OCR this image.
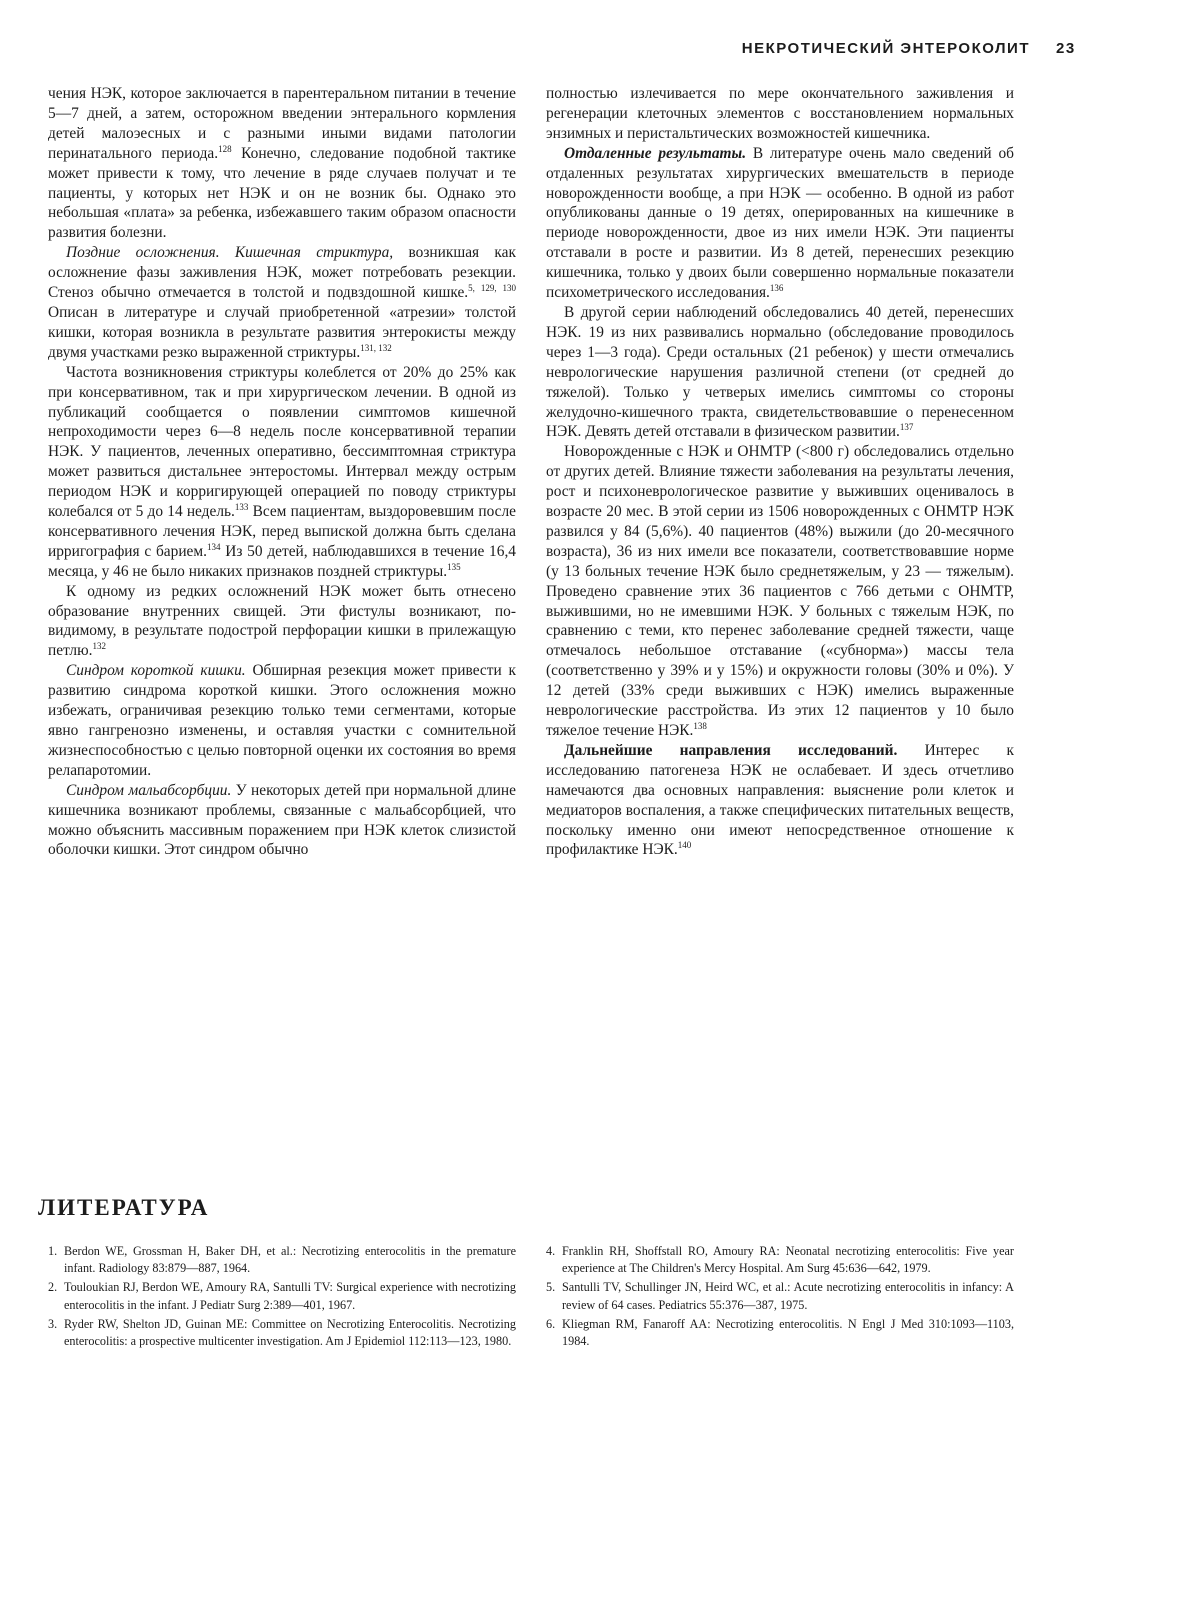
НЕКРОТИЧЕСКИЙ ЭНТЕРОКОЛИТ 23

чения НЭК, которое заключается в парентеральном питании в течение 5—7 дней, а затем, осторожном введении энтерального кормления детей малоэесных и с разными иными видами патологии перинатального периода.$^{128}$ Конечно, следование подобной тактике может привести к тому, что лечение в ряде случаев получат и те пациенты, у которых нет НЭК и он не возник бы. Однако это небольшая «плата» за ребенка, избежавшего таким образом опасности развития болезни.

Поздние осложнения. Кишечная стриктура, возникшая как осложнение фазы заживления НЭК, может потребовать резекции. Стеноз обычно отмечается в толстой и подвздошной кишке.$^{5, 129, 130}$ Описан в литературе и случай приобретенной «атрезии» толстой кишки, которая возникла в результате развития энтерокисты между двумя участками резко выраженной стриктуры.$^{131, 132}$

Частота возникновения стриктуры колеблется от 20% до 25% как при консервативном, так и при хирургическом лечении. В одной из публикаций сообщается о появлении симптомов кишечной непроходимости через 6—8 недель после консервативной терапии НЭК. У пациентов, леченных оперативно, бессимптомная стриктура может развиться дистальнее энтеростомы. Интервал между острым периодом НЭК и корригирующей операцией по поводу стриктуры колебался от 5 до 14 недель.$^{133}$ Всем пациентам, выздоровевшим после консервативного лечения НЭК, перед выпиской должна быть сделана ирригография с барием.$^{134}$ Из 50 детей, наблюдавшихся в течение 16,4 месяца, у 46 не было никаких признаков поздней стриктуры.$^{135}$

К одному из редких осложнений НЭК может быть отнесено образование внутренних свищей. Эти фистулы возникают, по-видимому, в результате подострой перфорации кишки в прилежащую петлю.$^{132}$

Синдром короткой кишки. Обширная резекция может привести к развитию синдрома короткой кишки. Этого осложнения можно избежать, ограничивая резекцию только теми сегментами, которые явно гангренозно изменены, и оставляя участки с сомнительной жизнеспособностью с целью повторной оценки их состояния во время релапаротомии.

Синдром мальабсорбции. У некоторых детей при нормальной длине кишечника возникают проблемы, связанные с мальабсорбцией, что можно объяснить массивным поражением при НЭК клеток слизистой оболочки кишки. Этот синдром обычно

полностью излечивается по мере окончательного заживления и регенерации клеточных элементов с восстановлением нормальных энзимных и перистальтических возможностей кишечника.

Отдаленные результаты. В литературе очень мало сведений об отдаленных результатах хирургических вмешательств в периоде новорожденности вообще, а при НЭК — особенно. В одной из работ опубликованы данные о 19 детях, оперированных на кишечнике в периоде новорожденности, двое из них имели НЭК. Эти пациенты отставали в росте и развитии. Из 8 детей, перенесших резекцию кишечника, только у двоих были совершенно нормальные показатели психометрического исследования.$^{136}$

В другой серии наблюдений обследовались 40 детей, перенесших НЭК. 19 из них развивались нормально (обследование проводилось через 1—3 года). Среди остальных (21 ребенок) у шести отмечались неврологические нарушения различной степени (от средней до тяжелой). Только у четверых имелись симптомы со стороны желудочно-кишечного тракта, свидетельствовавшие о перенесенном НЭК. Девять детей отставали в физическом развитии.$^{137}$

Новорожденные с НЭК и ОНМТР (<800 г) обследовались отдельно от других детей. Влияние тяжести заболевания на результаты лечения, рост и психоневрологическое развитие у выживших оценивалось в возрасте 20 мес. В этой серии из 1506 новорожденных с ОНМТР НЭК развился у 84 (5,6%). 40 пациентов (48%) выжили (до 20-месячного возраста), 36 из них имели все показатели, соответствовавшие норме (у 13 больных течение НЭК было среднетяжелым, у 23 — тяжелым). Проведено сравнение этих 36 пациентов с 766 детьми с ОНМТР, выжившими, но не имевшими НЭК. У больных с тяжелым НЭК, по сравнению с теми, кто перенес заболевание средней тяжести, чаще отмечалось небольшое отставание («субнорма») массы тела (соответственно у 39% и у 15%) и окружности головы (30% и 0%). У 12 детей (33% среди выживших с НЭК) имелись выраженные неврологические расстройства. Из этих 12 пациентов у 10 было тяжелое течение НЭК.$^{138}$

Дальнейшие направления исследований. Интерес к исследованию патогенеза НЭК не ослабевает. И здесь отчетливо намечаются два основных направления: выяснение роли клеток и медиаторов воспаления, а также специфических питательных веществ, поскольку именно они имеют непосредственное отношение к профилактике НЭК.$^{140}$

ЛИТЕРАТУРА
1. Berdon WE, Grossman H, Baker DH, et al.: Necrotizing enterocolitis in the premature infant. Radiology 83:879—887, 1964.
2. Touloukian RJ, Berdon WE, Amoury RA, Santulli TV: Surgical experience with necrotizing enterocolitis in the infant. J Pediatr Surg 2:389—401, 1967.
3. Ryder RW, Shelton JD, Guinan ME: Committee on Necrotizing Enterocolitis. Necrotizing enterocolitis: a prospective multicenter investigation. Am J Epidemiol 112:113—123, 1980.
4. Franklin RH, Shoffstall RO, Amoury RA: Neonatal necrotizing enterocolitis: Five year experience at The Children's Mercy Hospital. Am Surg 45:636—642, 1979.
5. Santulli TV, Schullinger JN, Heird WC, et al.: Acute necrotizing enterocolitis in infancy: A review of 64 cases. Pediatrics 55:376—387, 1975.
6. Kliegman RM, Fanaroff AA: Necrotizing enterocolitis. N Engl J Med 310:1093—1103, 1984.
